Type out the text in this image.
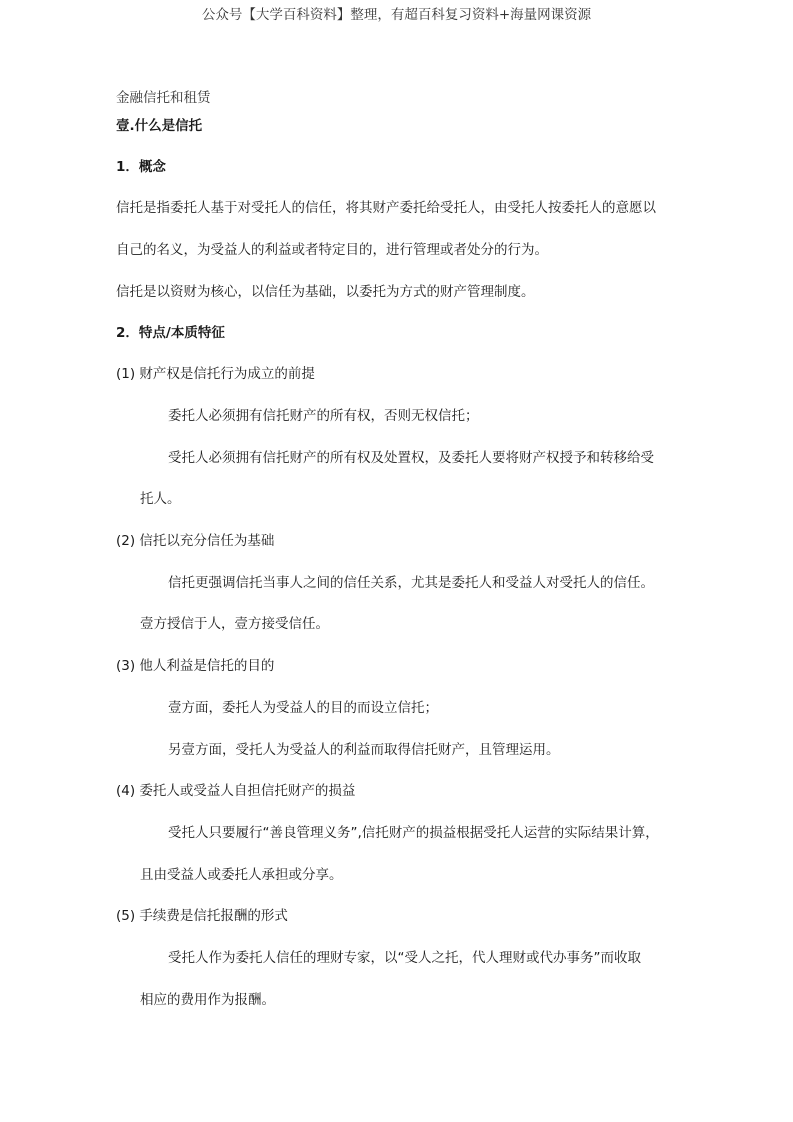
公众号【大学百科资料】整理，有超百科复习资料+海量网课资源
金融信托和租赁
壹.什么是信托
1．概念
信托是指委托人基于对受托人的信任，将其财产委托给受托人，由受托人按委托人的意愿以
自己的名义，为受益人的利益或者特定目的，进行管理或者处分的行为。
信托是以资财为核心，以信任为基础，以委托为方式的财产管理制度。
2．特点/本质特征
(1) 财产权是信托行为成立的前提
委托人必须拥有信托财产的所有权，否则无权信托；
受托人必须拥有信托财产的所有权及处置权，及委托人要将财产权授予和转移给受
托人。
(2) 信托以充分信任为基础
信托更强调信托当事人之间的信任关系，尤其是委托人和受益人对受托人的信任。
壹方授信于人，壹方接受信任。
(3) 他人利益是信托的目的
壹方面，委托人为受益人的目的而设立信托；
另壹方面，受托人为受益人的利益而取得信托财产，且管理运用。
(4) 委托人或受益人自担信托财产的损益
受托人只要履行“善良管理义务”,信托财产的损益根据受托人运营的实际结果计算，
且由受益人或委托人承担或分享。
(5) 手续费是信托报酬的形式
受托人作为委托人信任的理财专家，以“受人之托，代人理财或代办事务”而收取
相应的费用作为报酬。
